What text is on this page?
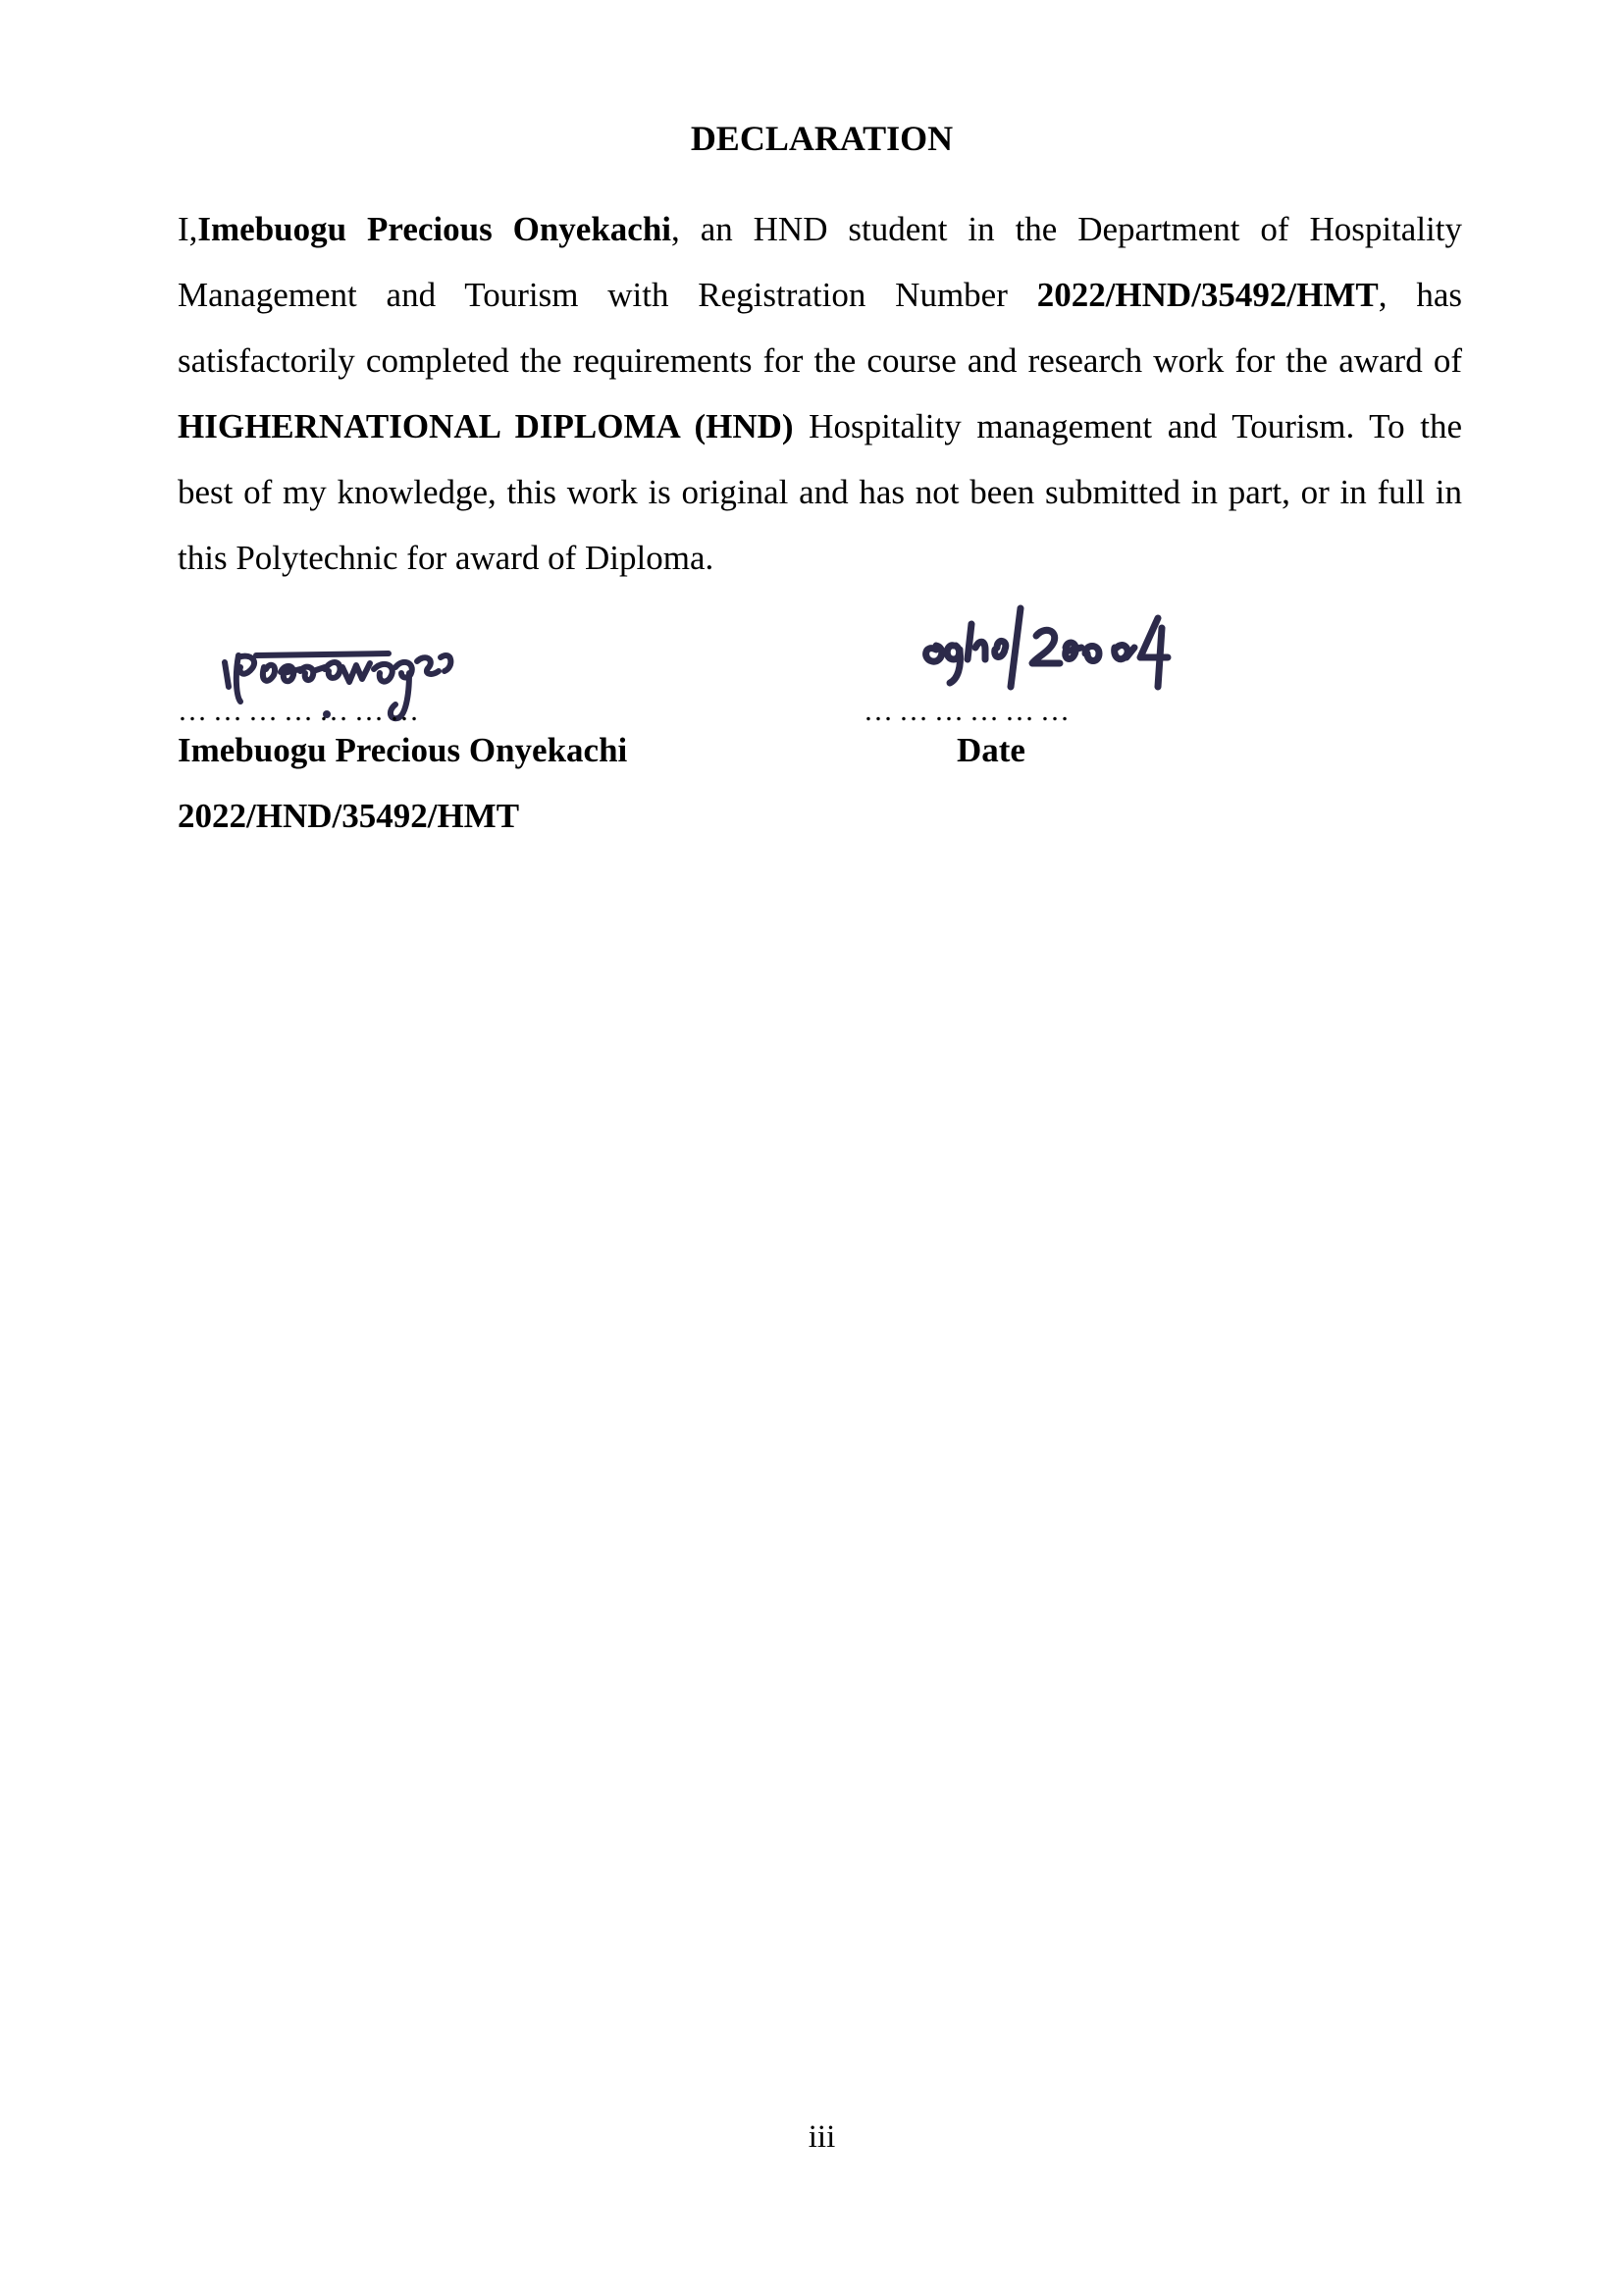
DECLARATION

I,Imebuogu Precious Onyekachi, an HND student in the Department of Hospitality Management and Tourism with Registration Number 2022/HND/35492/HMT, has satisfactorily completed the requirements for the course and research work for the award of HIGHERNATIONAL DIPLOMA (HND) Hospitality management and Tourism. To the best of my knowledge, this work is original and has not been submitted in part, or in full in this Polytechnic for award of Diploma.

…………………	………………
Imebuogu Precious Onyekachi	Date
2022/HND/35492/HMT
iii
